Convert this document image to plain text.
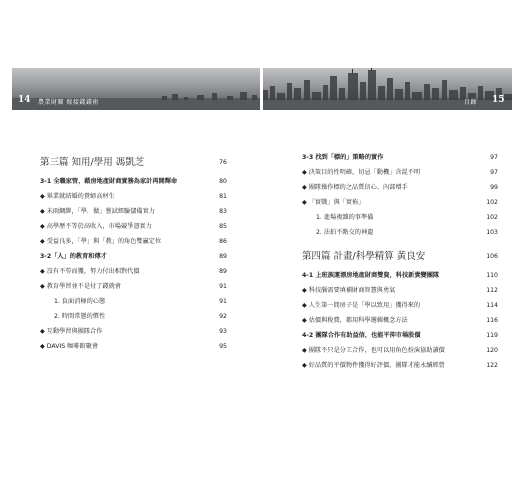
14 農業財閥 嫁接錢錢術	目錄 15
第三篇 知用/學用 馮凱芝	76
3-1 全職家管，藉房地產財商實務為家計再開輝命	80
◆ 畢業就結婚的貴婦高材生	81
◆ 未雨綢繆，「學．做」嘗試經驗儲備實力	83
◆ 高學歷不等於高收入，市場競爭憑實力	85
◆ 受益良多，「學」與「教」的角色雙贏定位	86
3-2「人」的教育和傳才	89
◆ 沒有不勞而獲，努力付出相對代價	89
◆ 教育學習並不是付了錢就會	91
1. 負面消極的心態	91
2. 時間常態的慣性	92
◆ 互動學習與團隊合作	93
◆ DAVIS 咖啡館聚會	95
3-3 找到「標的」策略的實作	97
◆ 決策目的性明確，切忌「動機」含混不明	97
◆ 團隊操作標的之品質信心、內部增手	99
◆ 「實戰」與「實佈」	102
1. 進場複雜的事準備	102
2. 法拍不點交的神遺	103
第四篇 計畫/科學精算 黃良安	106
4-1 上班族運漂房地產財商雙資，科技新貴變團隊	110
◆ 科技腦需要填補財商智慧與勇氣	112
◆ 人生第一間房子是「學以致用」獲得來的	114
◆ 估價與稅費，都用科學邏輯概念方法	116
4-2 團隊合作有助益信，也能平抑市場股價	119
◆ 團隊不只是分工合作，也可以用角色扮演協助讀價	120
◆ 好品質的平價物件獲得好評價，團隊才能永續經營	122
